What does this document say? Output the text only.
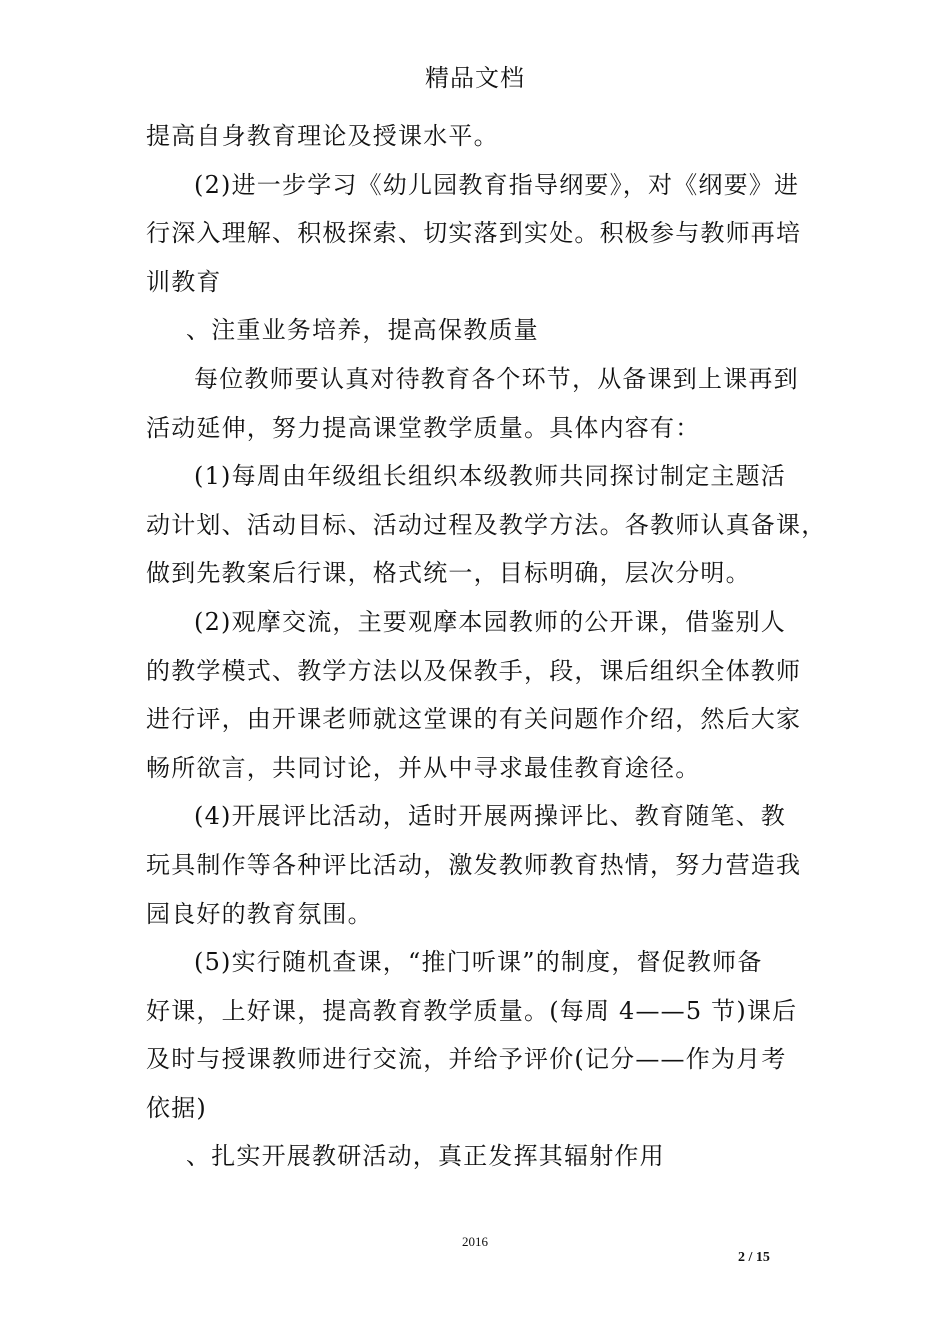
精品文档
提高自身教育理论及授课水平。
(2)进一步学习《幼儿园教育指导纲要》，对《纲要》进
行深入理解、积极探索、切实落到实处。积极参与教师再培
训教育
、注重业务培养，提高保教质量
每位教师要认真对待教育各个环节，从备课到上课再到
活动延伸，努力提高课堂教学质量。具体内容有：
(1)每周由年级组长组织本级教师共同探讨制定主题活
动计划、活动目标、活动过程及教学方法。各教师认真备课，
做到先教案后行课，格式统一，目标明确，层次分明。
(2)观摩交流，主要观摩本园教师的公开课，借鉴别人
的教学模式、教学方法以及保教手，段，课后组织全体教师
进行评，由开课老师就这堂课的有关问题作介绍，然后大家
畅所欲言，共同讨论，并从中寻求最佳教育途径。
(4)开展评比活动，适时开展两操评比、教育随笔、教
玩具制作等各种评比活动，激发教师教育热情，努力营造我
园良好的教育氛围。
(5)实行随机查课，“推门听课”的制度，督促教师备
好课，上好课，提高教育教学质量。(每周 4——5 节)课后
及时与授课教师进行交流，并给予评价(记分——作为月考
依据)
、扎实开展教研活动，真正发挥其辐射作用
2016
2 / 15
